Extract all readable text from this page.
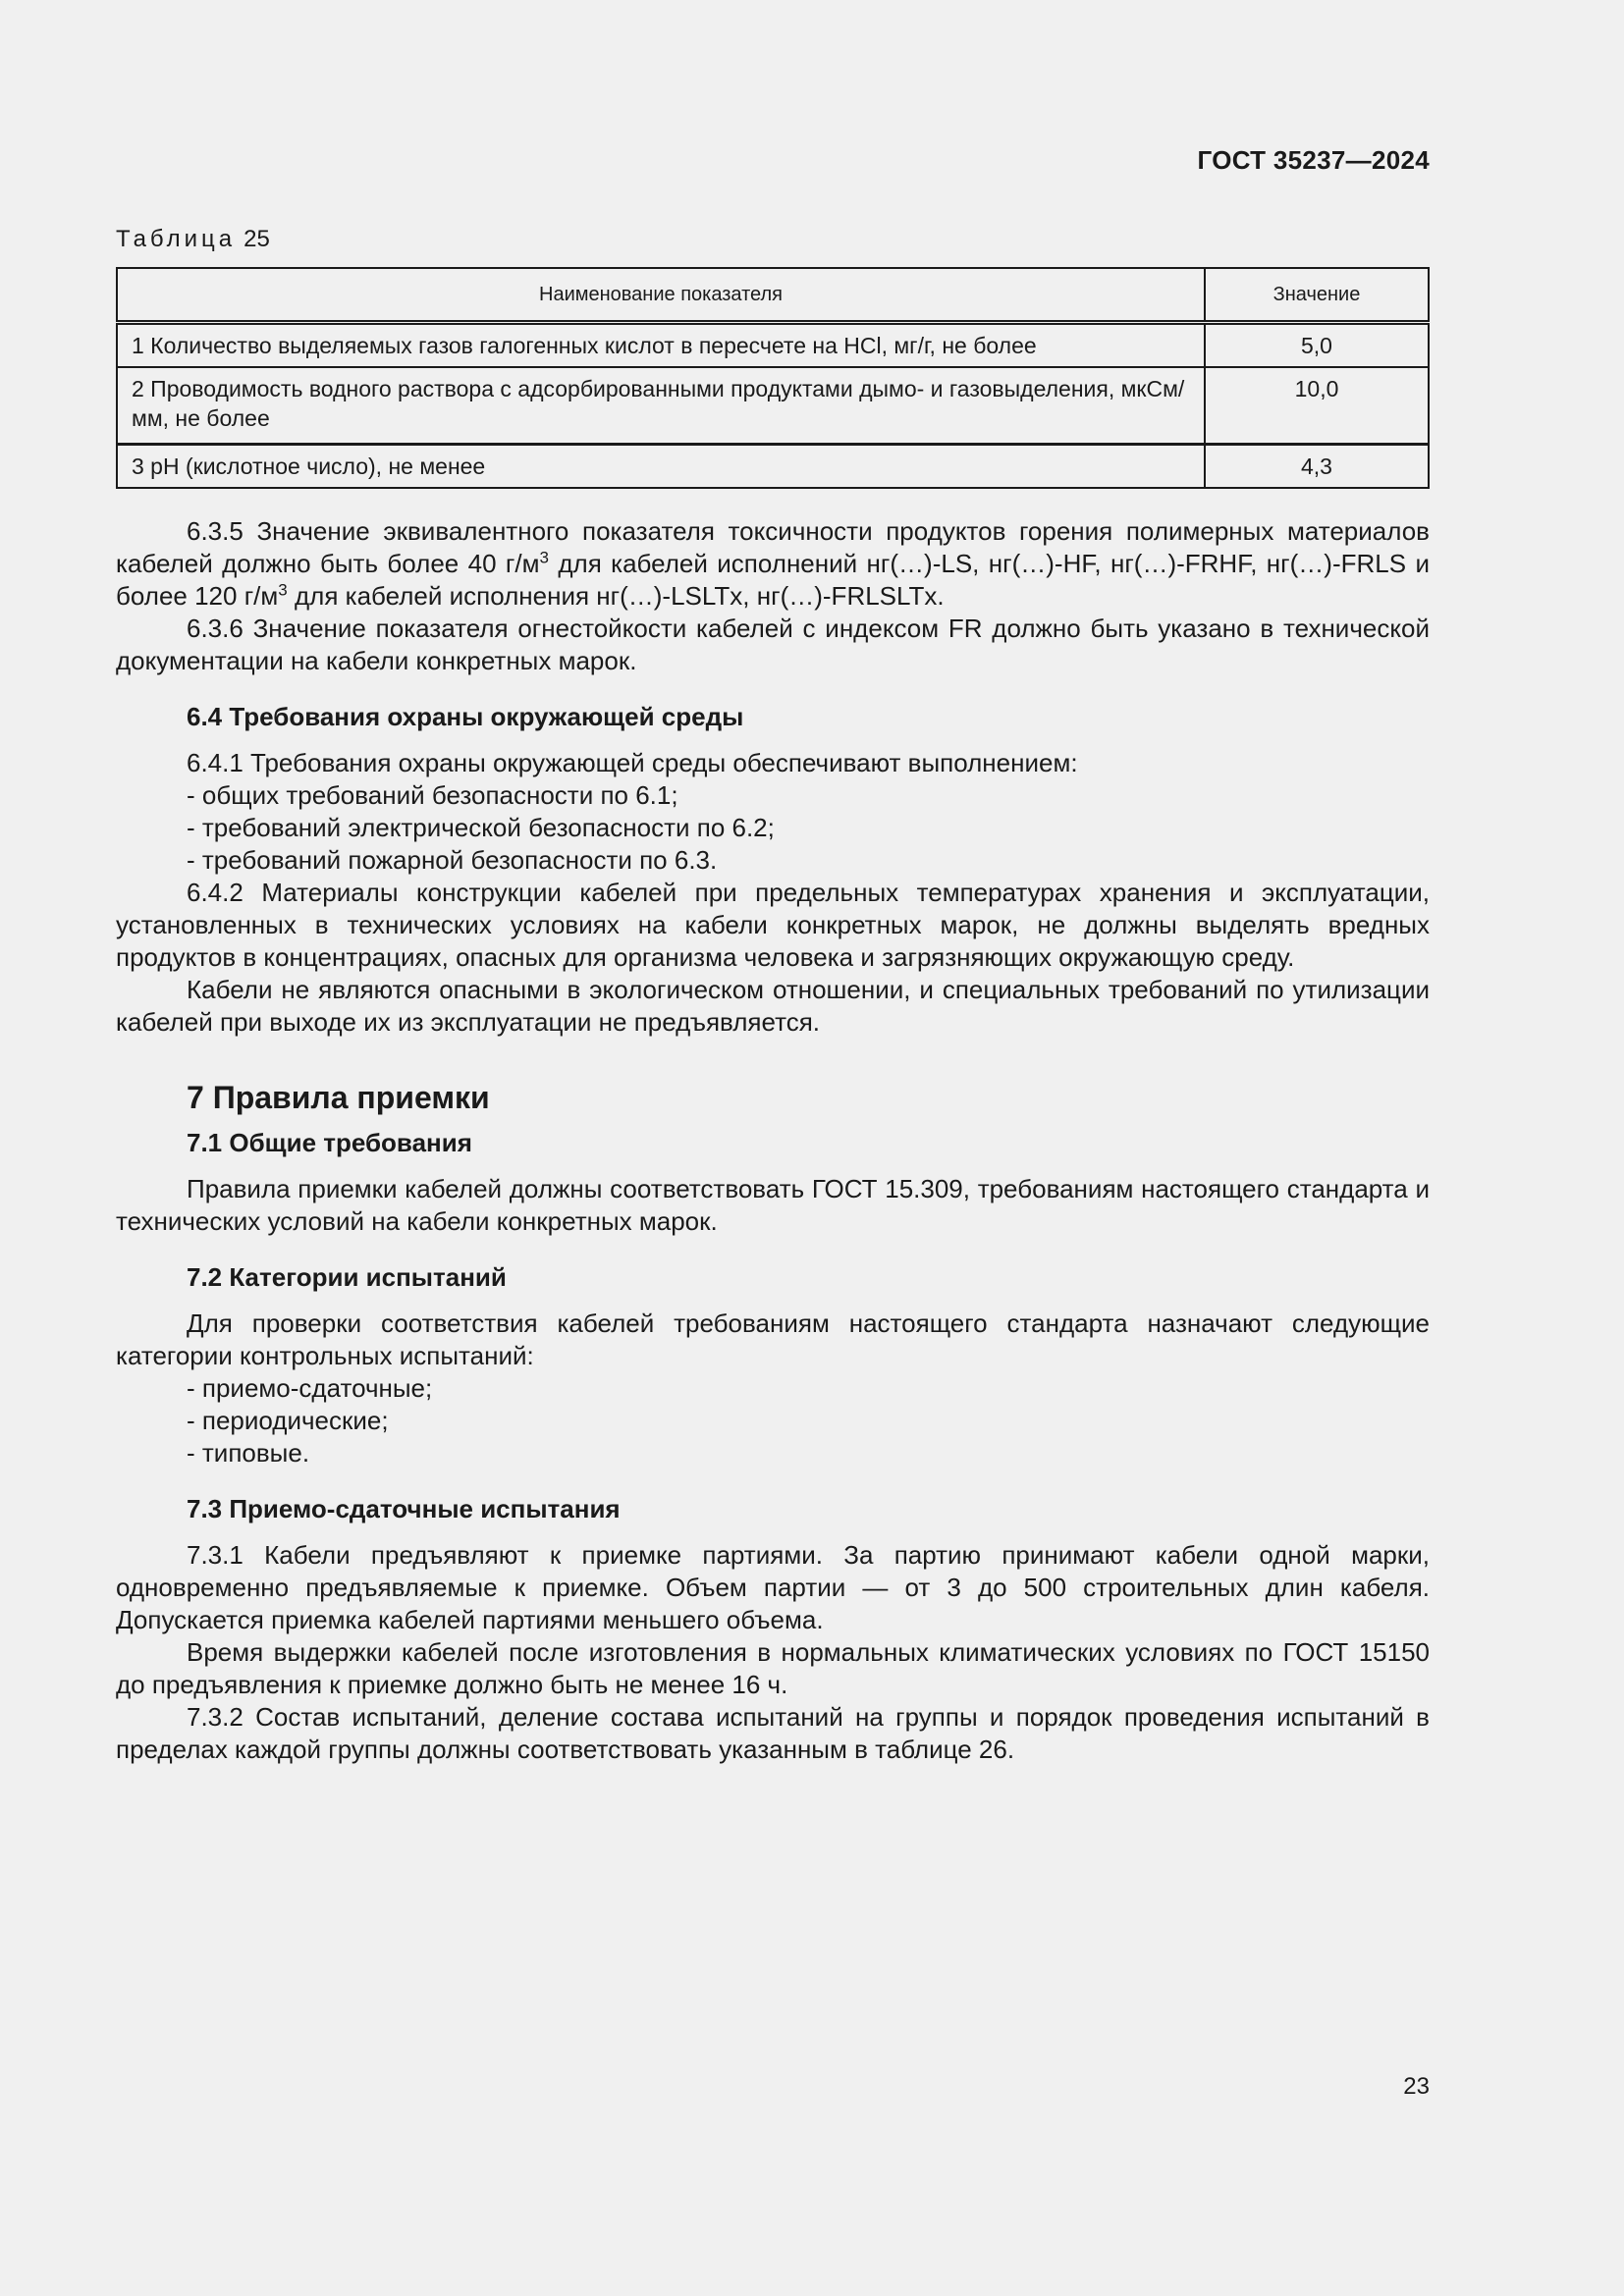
ГОСТ 35237—2024
Таблица 25
Наименование показателя	Значение
1 Количество выделяемых газов галогенных кислот в пересчете на HCl, мг/г, не более	5,0
2 Проводимость водного раствора с адсорбированными продуктами дымо- и газовыделения, мкСм/мм, не более	10,0
3 pH (кислотное число), не менее	4,3

6.3.5 Значение эквивалентного показателя токсичности продуктов горения полимерных материалов кабелей должно быть более 40 $г/м^3$ для кабелей исполнений нг(…)-LS, нг(…)-HF, нг(…)-FRHF, нг(…)-FRLS и более 120 $г/м^3$ для кабелей исполнения нг(…)-LSLTx, нг(…)-FRLSLTx.

6.3.6 Значение показателя огнестойкости кабелей с индексом FR должно быть указано в технической документации на кабели конкретных марок.

6.4 Требования охраны окружающей среды

6.4.1 Требования охраны окружающей среды обеспечивают выполнением:

- общих требований безопасности по 6.1;
- требований электрической безопасности по 6.2;
- требований пожарной безопасности по 6.3.

6.4.2 Материалы конструкции кабелей при предельных температурах хранения и эксплуатации, установленных в технических условиях на кабели конкретных марок, не должны выделять вредных продуктов в концентрациях, опасных для организма человека и загрязняющих окружающую среду.

Кабели не являются опасными в экологическом отношении, и специальных требований по утилизации кабелей при выходе их из эксплуатации не предъявляется.

7 Правила приемки
7.1 Общие требования

Правила приемки кабелей должны соответствовать ГОСТ 15.309, требованиям настоящего стандарта и технических условий на кабели конкретных марок.

7.2 Категории испытаний

Для проверки соответствия кабелей требованиям настоящего стандарта назначают следующие категории контрольных испытаний:

- приемо-сдаточные;
- периодические;
- типовые.
7.3 Приемо-сдаточные испытания

7.3.1 Кабели предъявляют к приемке партиями. За партию принимают кабели одной марки, одновременно предъявляемые к приемке. Объем партии — от 3 до 500 строительных длин кабеля. Допускается приемка кабелей партиями меньшего объема.

Время выдержки кабелей после изготовления в нормальных климатических условиях по ГОСТ 15150 до предъявления к приемке должно быть не менее 16 ч.

7.3.2 Состав испытаний, деление состава испытаний на группы и порядок проведения испытаний в пределах каждой группы должны соответствовать указанным в таблице 26.

23
